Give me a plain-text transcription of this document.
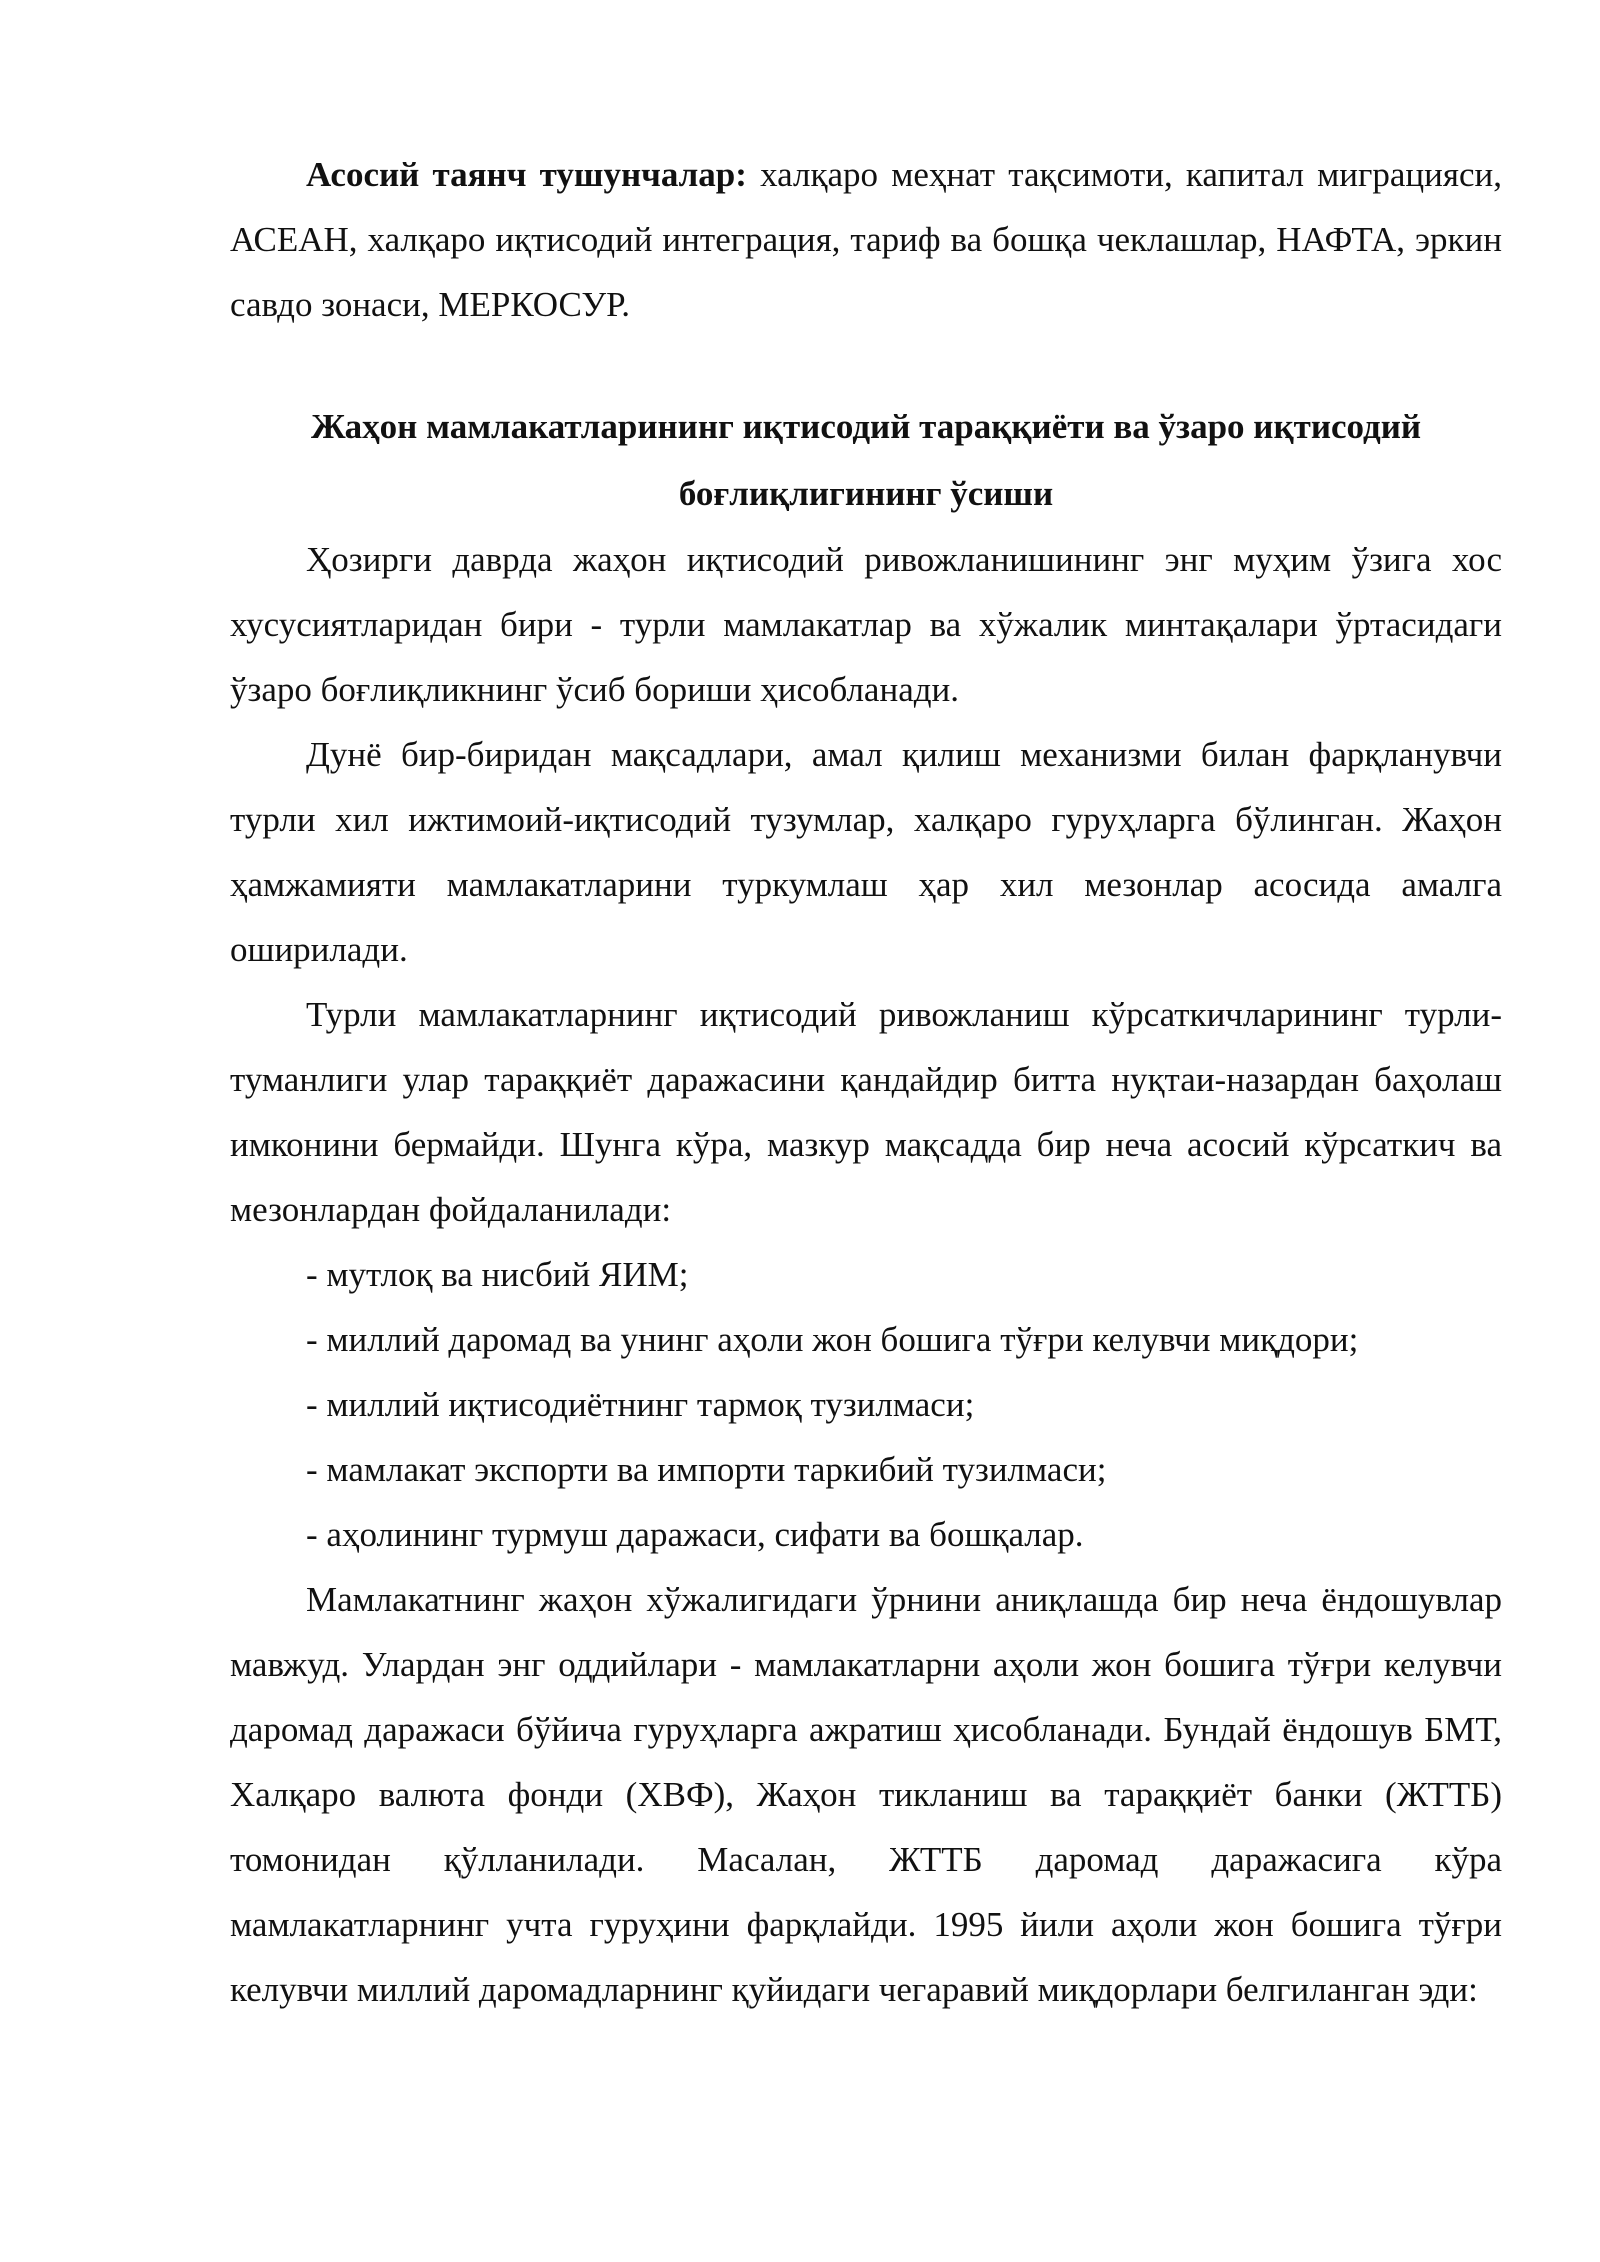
Асосий таянч тушунчалар: халқаро меҳнат тақсимоти, капитал миграцияси, АСЕАН, халқаро иқтисодий интеграция, тариф ва бошқа чеклашлар, НАФТА, эркин савдо зонаси, МЕРКОСУР.

Жаҳон мамлакатларининг иқтисодий тараққиёти ва ўзаро иқтисодий
боғлиқлигининг ўсиши

Ҳозирги даврда жаҳон иқтисодий ривожланишининг энг муҳим ўзига хос хусусиятларидан бири - турли мамлакатлар ва хўжалик минтақалари ўртасидаги ўзаро боғлиқликнинг ўсиб бориши ҳисобланади.

Дунё бир-биридан мақсадлари, амал қилиш механизми билан фарқланувчи турли хил ижтимоий-иқтисодий тузумлар, халқаро гуруҳларга бўлинган. Жаҳон ҳамжамияти мамлакатларини туркумлаш ҳар хил мезонлар асосида амалга оширилади.

Турли мамлакатларнинг иқтисодий ривожланиш кўрсаткичларининг турли-туманлиги улар тараққиёт даражасини қандайдир битта нуқтаи-назардан баҳолаш имконини бермайди. Шунга кўра, мазкур мақсадда бир неча асосий кўрсаткич ва мезонлардан фойдаланилади:

- мутлоқ ва нисбий ЯИМ;
- миллий даромад ва унинг аҳоли жон бошига тўғри келувчи миқдори;
- миллий иқтисодиётнинг тармоқ тузилмаси;
- мамлакат экспорти ва импорти таркибий тузилмаси;
- аҳолининг турмуш даражаси, сифати ва бошқалар.

Мамлакатнинг жаҳон хўжалигидаги ўрнини аниқлашда бир неча ёндошувлар мавжуд. Улардан энг оддийлари - мамлакатларни аҳоли жон бошига тўғри келувчи даромад даражаси бўйича гуруҳларга ажратиш ҳисобланади. Бундай ёндошув БМТ, Халқаро валюта фонди (ХВФ), Жаҳон тикланиш ва тараққиёт банки (ЖТТБ) томонидан қўлланилади. Масалан, ЖТТБ даромад даражасига кўра мамлакатларнинг учта гуруҳини фарқлайди. 1995 йили аҳоли жон бошига тўғри келувчи миллий даромадларнинг қуйидаги чегаравий миқдорлари белгиланган эди:
